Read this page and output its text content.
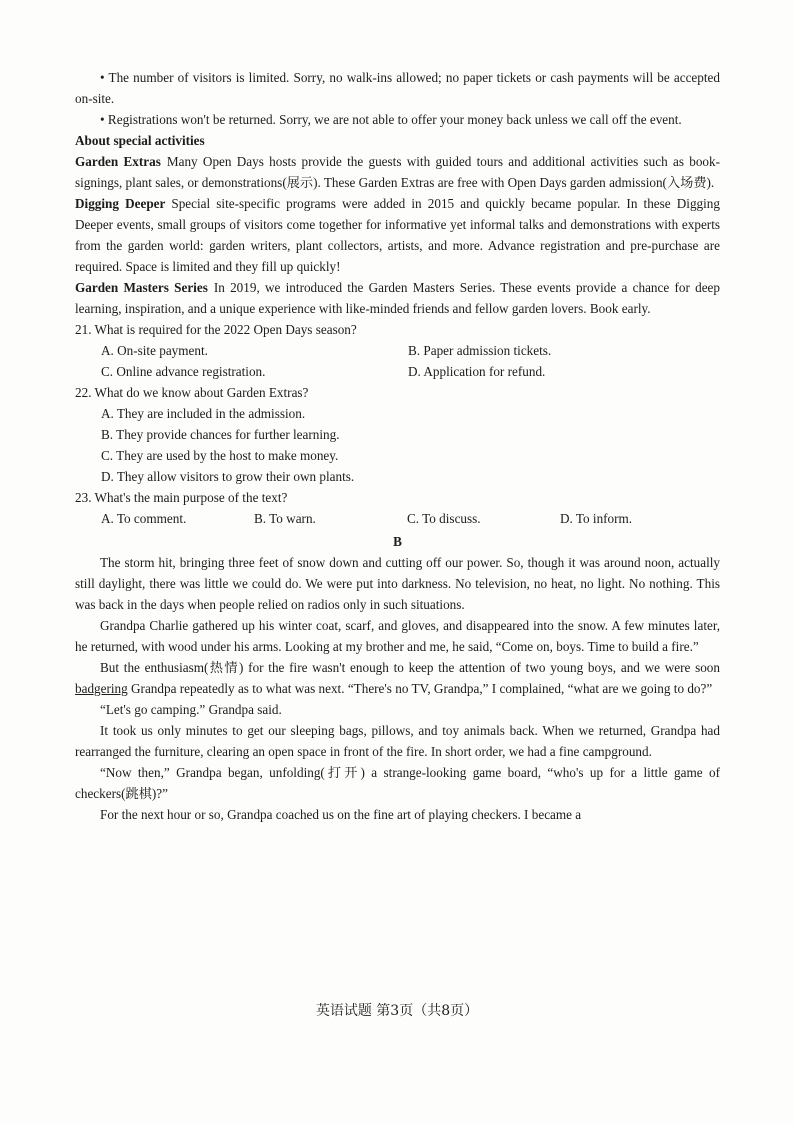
• The number of visitors is limited. Sorry, no walk-ins allowed; no paper tickets or cash payments will be accepted on-site.

• Registrations won't be returned. Sorry, we are not able to offer your money back unless we call off the event.

About special activities

Garden Extras Many Open Days hosts provide the guests with guided tours and additional activities such as book-signings, plant sales, or demonstrations(展示). These Garden Extras are free with Open Days garden admission(入场费).

Digging Deeper Special site-specific programs were added in 2015 and quickly became popular. In these Digging Deeper events, small groups of visitors come together for informative yet informal talks and demonstrations with experts from the garden world: garden writers, plant collectors, artists, and more. Advance registration and pre-purchase are required. Space is limited and they fill up quickly!

Garden Masters Series In 2019, we introduced the Garden Masters Series. These events provide a chance for deep learning, inspiration, and a unique experience with like-minded friends and fellow garden lovers. Book early.

21. What is required for the 2022 Open Days season?

A. On-site payment.	B. Paper admission tickets.
C. Online advance registration.	D. Application for refund.

22. What do we know about Garden Extras?

A. They are included in the admission.
B. They provide chances for further learning.
C. They are used by the host to make money.
D. They allow visitors to grow their own plants.

23. What's the main purpose of the text?

A. To comment.	B. To warn.	C. To discuss.	D. To inform.

B

The storm hit, bringing three feet of snow down and cutting off our power. So, though it was around noon, actually still daylight, there was little we could do. We were put into darkness. No television, no heat, no light. No nothing. This was back in the days when people relied on radios only in such situations.

Grandpa Charlie gathered up his winter coat, scarf, and gloves, and disappeared into the snow. A few minutes later, he returned, with wood under his arms. Looking at my brother and me, he said, “Come on, boys. Time to build a fire.”

But the enthusiasm(热情) for the fire wasn't enough to keep the attention of two young boys, and we were soon badgering Grandpa repeatedly as to what was next. “There's no TV, Grandpa,” I complained, “what are we going to do?”

“Let's go camping.” Grandpa said.

It took us only minutes to get our sleeping bags, pillows, and toy animals back. When we returned, Grandpa had rearranged the furniture, clearing an open space in front of the fire. In short order, we had a fine campground.

“Now then,” Grandpa began, unfolding(打开) a strange-looking game board, “who's up for a little game of checkers(跳棋)?”

For the next hour or so, Grandpa coached us on the fine art of playing checkers. I became a

英语试题 第3页（共8页）
